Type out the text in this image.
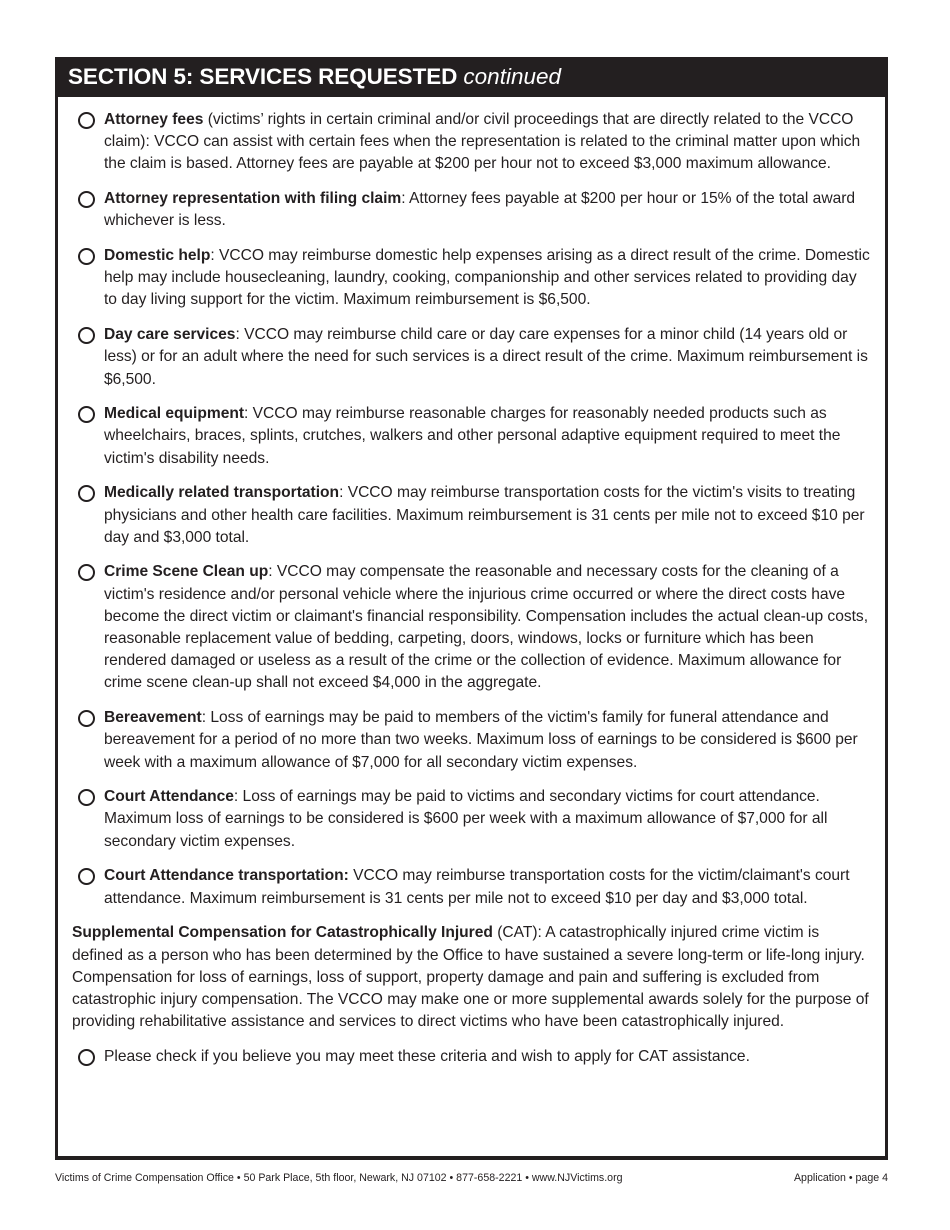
SECTION 5: SERVICES REQUESTED continued
Attorney fees (victims’ rights in certain criminal and/or civil proceedings that are directly related to the VCCO claim): VCCO can assist with certain fees when the representation is related to the criminal matter upon which the claim is based. Attorney fees are payable at $200 per hour not to exceed $3,000 maximum allowance.
Attorney representation with filing claim: Attorney fees payable at $200 per hour or 15% of the total award whichever is less.
Domestic help: VCCO may reimburse domestic help expenses arising as a direct result of the crime. Domestic help may include housecleaning, laundry, cooking, companionship and other services related to providing day to day living support for the victim. Maximum reimbursement is $6,500.
Day care services: VCCO may reimburse child care or day care expenses for a minor child (14 years old or less) or for an adult where the need for such services is a direct result of the crime. Maximum reimbursement is $6,500.
Medical equipment: VCCO may reimburse reasonable charges for reasonably needed products such as wheelchairs, braces, splints, crutches, walkers and other personal adaptive equipment required to meet the victim's disability needs.
Medically related transportation: VCCO may reimburse transportation costs for the victim's visits to treating physicians and other health care facilities. Maximum reimbursement is 31 cents per mile not to exceed $10 per day and $3,000 total.
Crime Scene Clean up: VCCO may compensate the reasonable and necessary costs for the cleaning of a victim's residence and/or personal vehicle where the injurious crime occurred or where the direct costs have become the direct victim or claimant's financial responsibility. Compensation includes the actual clean-up costs, reasonable replacement value of bedding, carpeting, doors, windows, locks or furniture which has been rendered damaged or useless as a result of the crime or the collection of evidence. Maximum allowance for crime scene clean-up shall not exceed $4,000 in the aggregate.
Bereavement: Loss of earnings may be paid to members of the victim's family for funeral attendance and bereavement for a period of no more than two weeks. Maximum loss of earnings to be considered is $600 per week with a maximum allowance of $7,000 for all secondary victim expenses.
Court Attendance: Loss of earnings may be paid to victims and secondary victims for court attendance. Maximum loss of earnings to be considered is $600 per week with a maximum allowance of $7,000 for all secondary victim expenses.
Court Attendance transportation: VCCO may reimburse transportation costs for the victim/claimant's court attendance. Maximum reimbursement is 31 cents per mile not to exceed $10 per day and $3,000 total.
Supplemental Compensation for Catastrophically Injured (CAT): A catastrophically injured crime victim is defined as a person who has been determined by the Office to have sustained a severe long-term or life-long injury. Compensation for loss of earnings, loss of support, property damage and pain and suffering is excluded from catastrophic injury compensation. The VCCO may make one or more supplemental awards solely for the purpose of providing rehabilitative assistance and services to direct victims who have been catastrophically injured.
Please check if you believe you may meet these criteria and wish to apply for CAT assistance.
Victims of Crime Compensation Office • 50 Park Place, 5th floor, Newark, NJ 07102 • 877-658-2221 • www.NJVictims.org	Application • page 4
